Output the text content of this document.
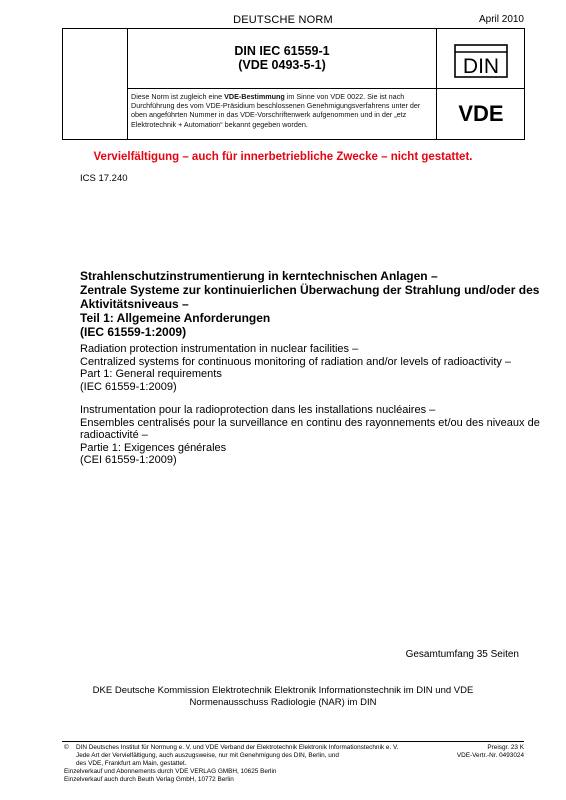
DEUTSCHE NORM	April 2010
DIN IEC 61559-1
(VDE 0493-5-1)
Diese Norm ist zugleich eine VDE-Bestimmung im Sinne von VDE 0022. Sie ist nach Durchführung des vom VDE-Präsidium beschlossenen Genehmigungsverfahrens unter der oben angeführten Nummer in das VDE-Vorschriftenwerk aufgenommen und in der „etz Elektrotechnik + Automation“ bekannt gegeben worden.
DIN
VDE
Vervielfältigung – auch für innerbetriebliche Zwecke – nicht gestattet.
ICS 17.240
Strahlenschutzinstrumentierung in kerntechnischen Anlagen –
Zentrale Systeme zur kontinuierlichen Überwachung der Strahlung und/oder des
Aktivitätsniveaus –
Teil 1: Allgemeine Anforderungen
(IEC 61559-1:2009)
Radiation protection instrumentation in nuclear facilities –
Centralized systems for continuous monitoring of radiation and/or levels of radioactivity –
Part 1: General requirements
(IEC 61559-1:2009)
Instrumentation pour la radioprotection dans les installations nucléaires –
Ensembles centralisés pour la surveillance en continu des rayonnements et/ou des niveaux de
radioactivité –
Partie 1: Exigences générales
(CEI 61559-1:2009)
Gesamtumfang 35 Seiten
DKE Deutsche Kommission Elektrotechnik Elektronik Informationstechnik im DIN und VDE
Normenausschuss Radiologie (NAR) im DIN
©	DIN Deutsches Institut für Normung e. V. und VDE Verband der Elektrotechnik Elektronik Informationstechnik e. V.
Jede Art der Vervielfältigung, auch auszugsweise, nur mit Genehmigung des DIN, Berlin, und
des VDE, Frankfurt am Main, gestattet.
Einzelverkauf und Abonnements durch VDE VERLAG GMBH, 10625 Berlin
Einzelverkauf auch durch Beuth Verlag GmbH, 10772 Berlin
Preisgr. 23 K
VDE-Vertr.-Nr. 0493024
